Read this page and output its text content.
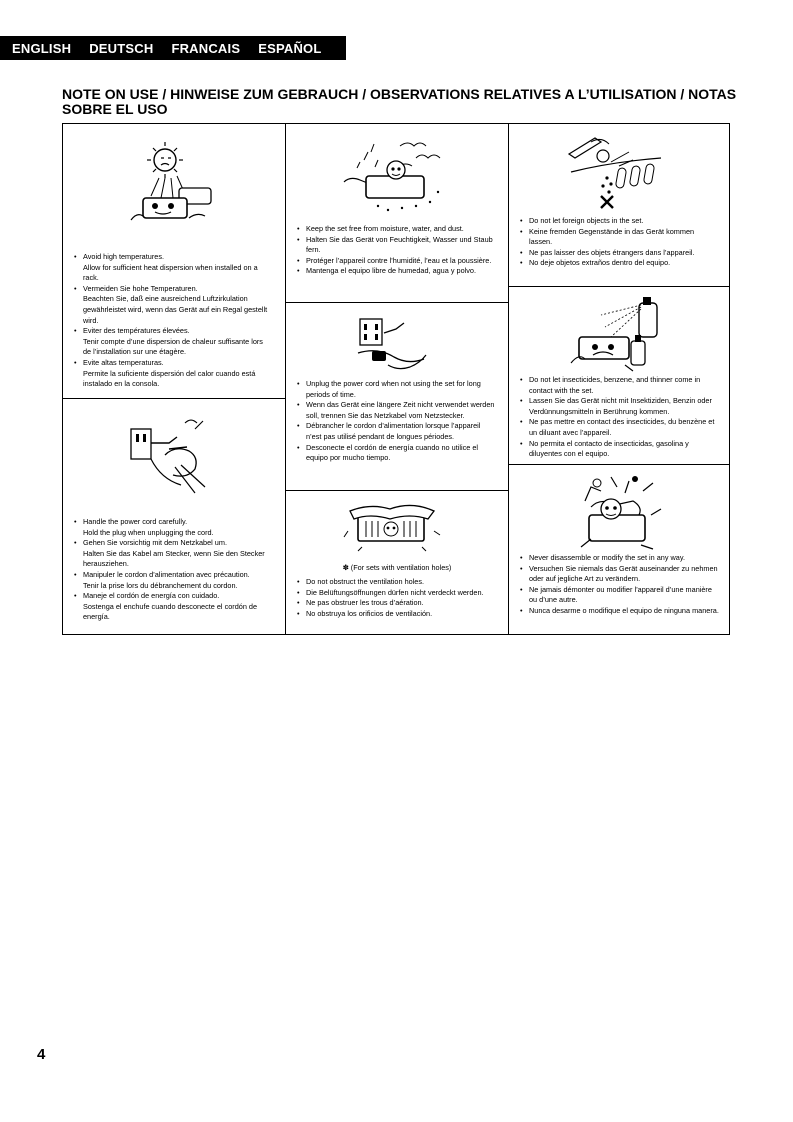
ENGLISH DEUTSCH FRANCAIS ESPAÑOL
NOTE ON USE / HINWEISE ZUM GEBRAUCH / OBSERVATIONS RELATIVES A L’UTILISATION / NOTAS SOBRE EL USO
• Avoid high temperatures.
Allow for sufficient heat dispersion when installed on a rack.
• Vermeiden Sie hohe Temperaturen.
Beachten Sie, daß eine ausreichend Luftzirkulation gewährleistet wird, wenn das Gerät auf ein Regal gestellt wird.
• Eviter des températures élevées.
Tenir compte d’une dispersion de chaleur suffisante lors de l’installation sur une étagère.
• Evite altas temperaturas.
Permite la suficiente dispersión del calor cuando está instalado en la consola.
• Handle the power cord carefully.
Hold the plug when unplugging the cord.
• Gehen Sie vorsichtig mit dem Netzkabel um.
Halten Sie das Kabel am Stecker, wenn Sie den Stecker herausziehen.
• Manipuler le cordon d’alimentation avec précaution.
Tenir la prise lors du débranchement du cordon.
• Maneje el cordón de energía con cuidado.
Sostenga el enchufe cuando desconecte el cordón de energía.
• Keep the set free from moisture, water, and dust.
• Halten Sie das Gerät von Feuchtigkeit, Wasser und Staub fern.
• Protéger l’appareil contre l’humidité, l’eau et la poussière.
• Mantenga el equipo libre de humedad, agua y polvo.
• Unplug the power cord when not using the set for long periods of time.
• Wenn das Gerät eine längere Zeit nicht verwendet werden soll, trennen Sie das Netzkabel vom Netzstecker.
• Débrancher le cordon d’alimentation lorsque l’appareil n’est pas utilisé pendant de longues périodes.
• Desconecte el cordón de energía cuando no utilice el equipo por mucho tiempo.
✽ (For sets with ventilation holes)
• Do not obstruct the ventilation holes.
• Die Belüftungsöffnungen dürfen nicht verdeckt werden.
• Ne pas obstruer les trous d’aération.
• No obstruya los orificios de ventilación.
• Do not let foreign objects in the set.
• Keine fremden Gegenstände in das Gerät kommen lassen.
• Ne pas laisser des objets étrangers dans l’appareil.
• No deje objetos extraños dentro del equipo.
• Do not let insecticides, benzene, and thinner come in contact with the set.
• Lassen Sie das Gerät nicht mit Insektiziden, Benzin oder Verdünnungsmitteln in Berührung kommen.
• Ne pas mettre en contact des insecticides, du benzène et un diluant avec l’appareil.
• No permita el contacto de insecticidas, gasolina y diluyentes con el equipo.
• Never disassemble or modify the set in any way.
• Versuchen Sie niemals das Gerät auseinander zu nehmen oder auf jegliche Art zu verändern.
• Ne jamais démonter ou modifier l’appareil d’une manière ou d’une autre.
• Nunca desarme o modifique el equipo de ninguna manera.
4
